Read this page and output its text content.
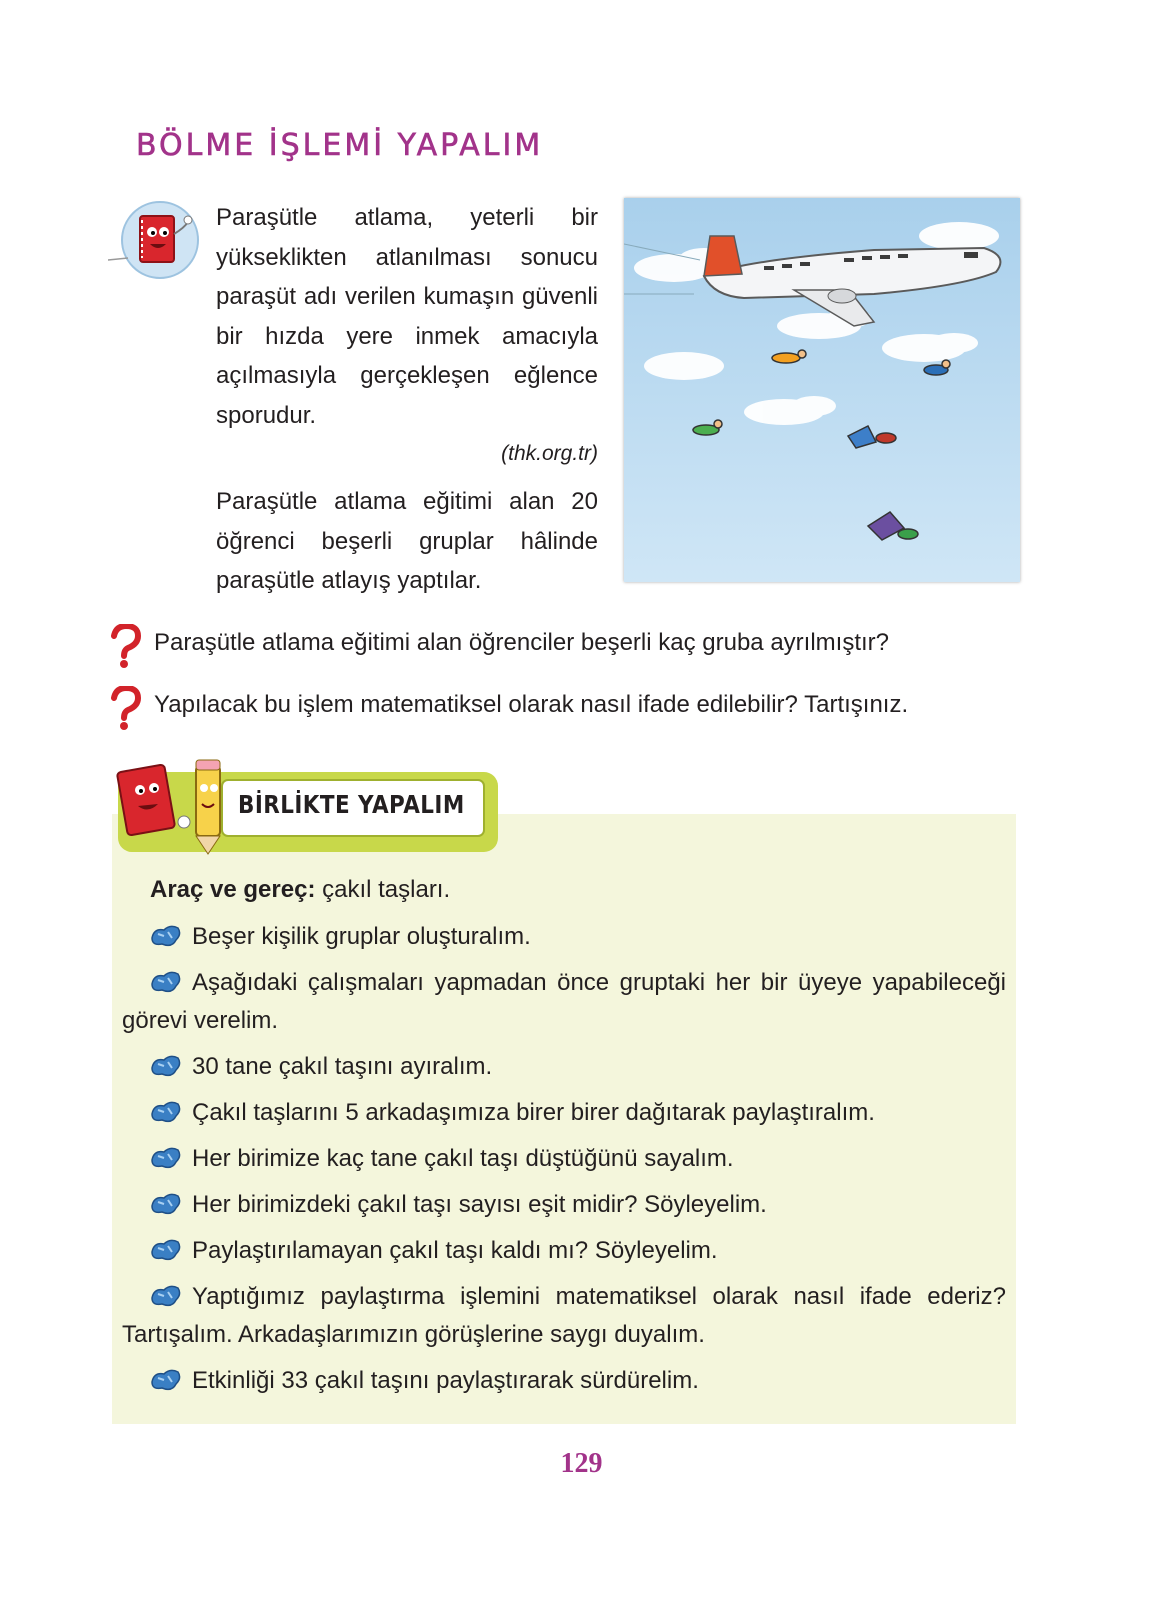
BÖLME İŞLEMİ YAPALIM

Paraşütle atlama, yeterli bir yükseklikten atlanılması sonucu paraşüt adı verilen kumaşın güvenli bir hızda yere inmek amacıyla açılmasıyla gerçekleşen eğlence sporudur.

(thk.org.tr)

Paraşütle atlama eğitimi alan 20 öğrenci beşerli gruplar hâlinde paraşütle atlayış yaptılar.

Paraşütle atlama eğitimi alan öğrenciler beşerli kaç gruba ayrılmıştır?
Yapılacak bu işlem matematiksel olarak nasıl ifade edilebilir? Tartışınız.
BİRLİKTE YAPALIM
Araç ve gereç: çakıl taşları.
Beşer kişilik gruplar oluşturalım.
Aşağıdaki çalışmaları yapmadan önce gruptaki her bir üyeye yapabileceği görevi verelim.
30 tane çakıl taşını ayıralım.
Çakıl taşlarını 5 arkadaşımıza birer birer dağıtarak paylaştıralım.
Her birimize kaç tane çakıl taşı düştüğünü sayalım.
Her birimizdeki çakıl taşı sayısı eşit midir? Söyleyelim.
Paylaştırılamayan çakıl taşı kaldı mı? Söyleyelim.
Yaptığımız paylaştırma işlemini matematiksel olarak nasıl ifade ederiz? Tartışalım. Arkadaşlarımızın görüşlerine saygı duyalım.
Etkinliği 33 çakıl taşını paylaştırarak sürdürelim.
129
